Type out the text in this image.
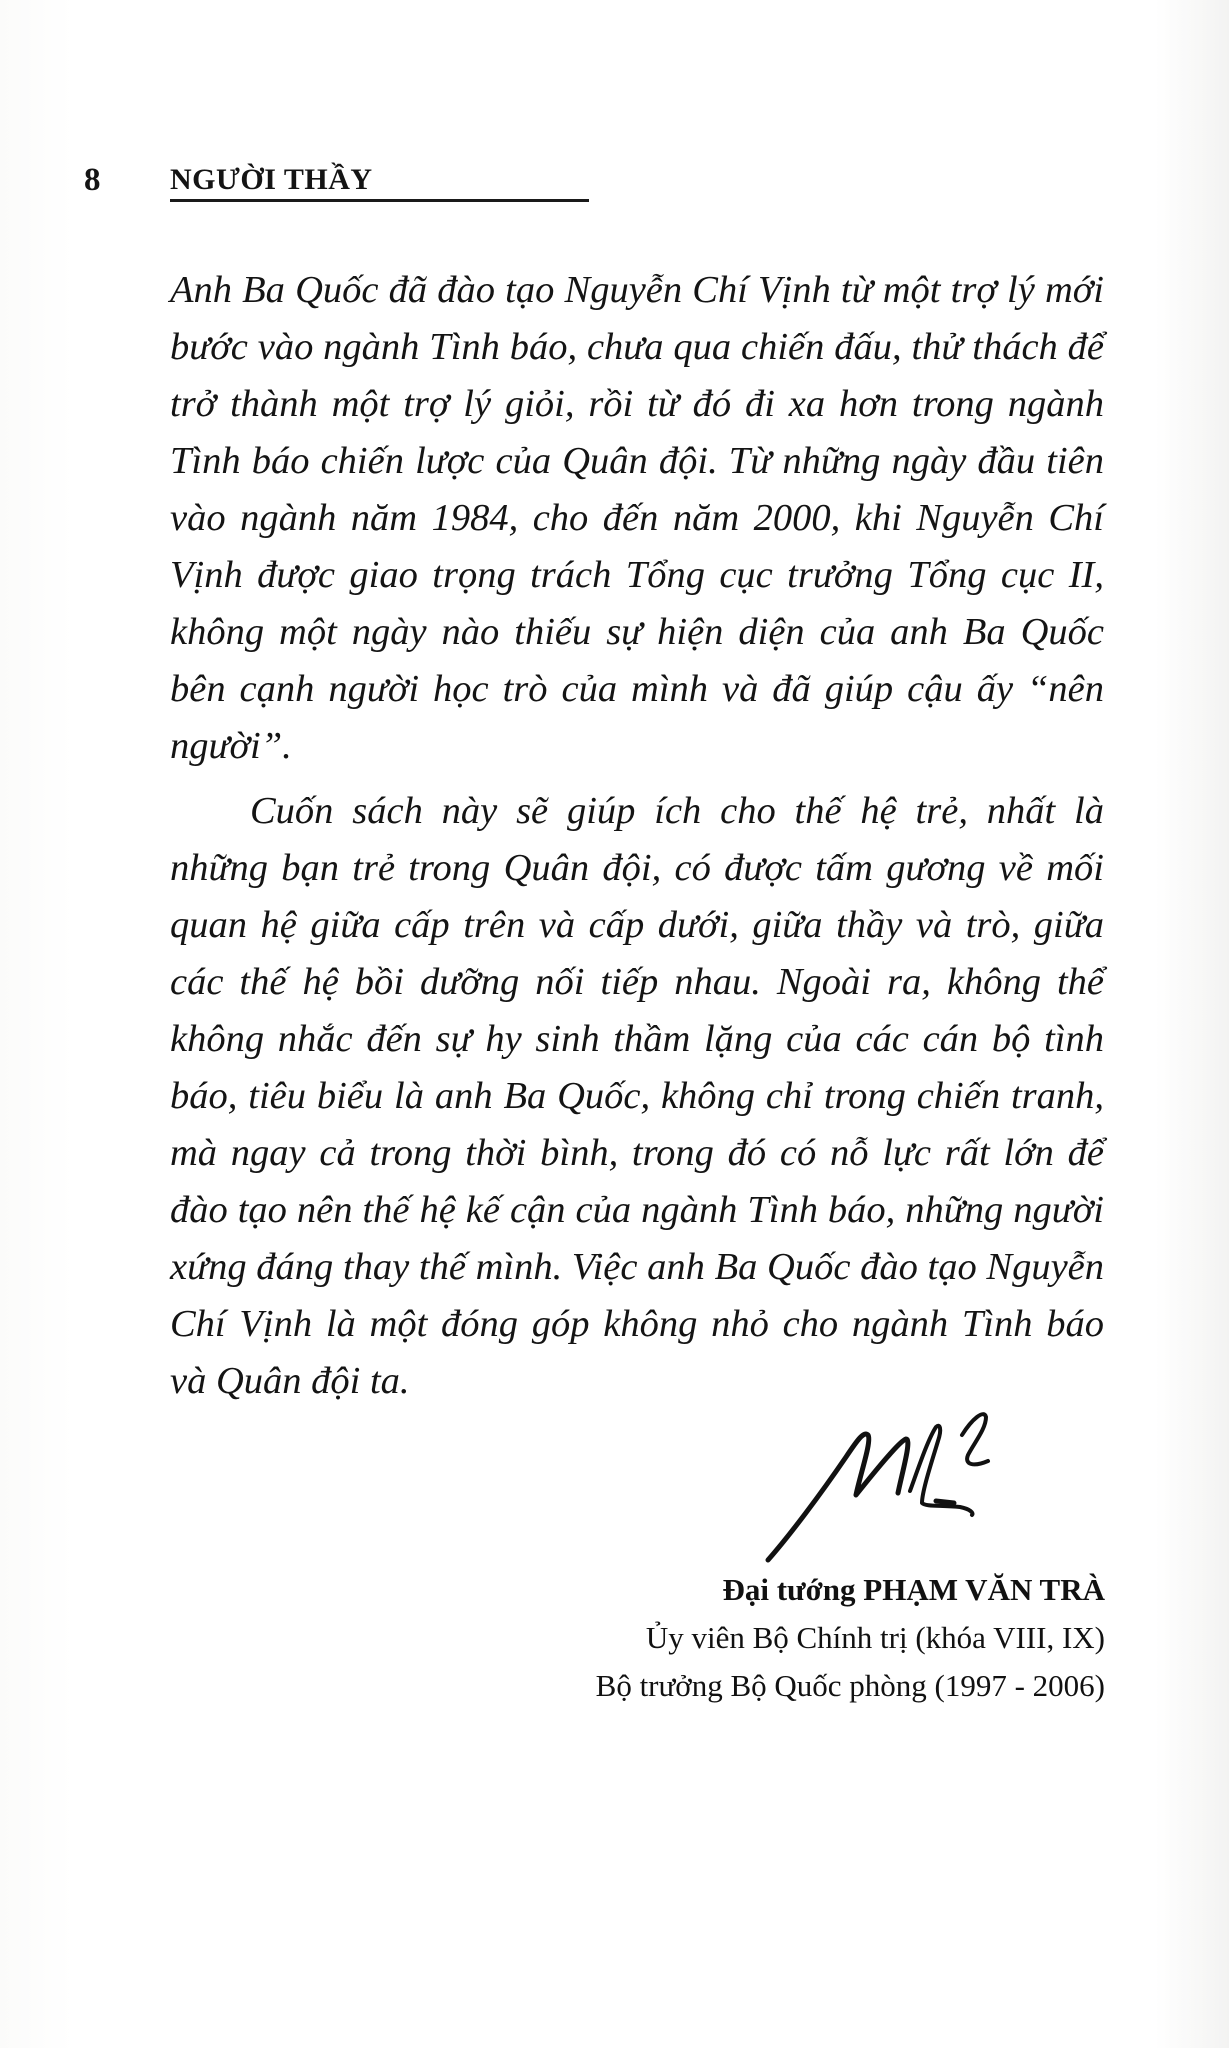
8	NGƯỜI THẦY

Anh Ba Quốc đã đào tạo Nguyễn Chí Vịnh từ một trợ lý mới bước vào ngành Tình báo, chưa qua chiến đấu, thử thách để trở thành một trợ lý giỏi, rồi từ đó đi xa hơn trong ngành Tình báo chiến lược của Quân đội. Từ những ngày đầu tiên vào ngành năm 1984, cho đến năm 2000, khi Nguyễn Chí Vịnh được giao trọng trách Tổng cục trưởng Tổng cục II, không một ngày nào thiếu sự hiện diện của anh Ba Quốc bên cạnh người học trò của mình và đã giúp cậu ấy “nên người”.

Cuốn sách này sẽ giúp ích cho thế hệ trẻ, nhất là những bạn trẻ trong Quân đội, có được tấm gương về mối quan hệ giữa cấp trên và cấp dưới, giữa thầy và trò, giữa các thế hệ bồi dưỡng nối tiếp nhau. Ngoài ra, không thể không nhắc đến sự hy sinh thầm lặng của các cán bộ tình báo, tiêu biểu là anh Ba Quốc, không chỉ trong chiến tranh, mà ngay cả trong thời bình, trong đó có nỗ lực rất lớn để đào tạo nên thế hệ kế cận của ngành Tình báo, những người xứng đáng thay thế mình. Việc anh Ba Quốc đào tạo Nguyễn Chí Vịnh là một đóng góp không nhỏ cho ngành Tình báo và Quân đội ta.

Đại tướng PHẠM VĂN TRÀ
Ủy viên Bộ Chính trị (khóa VIII, IX)
Bộ trưởng Bộ Quốc phòng (1997 - 2006)
